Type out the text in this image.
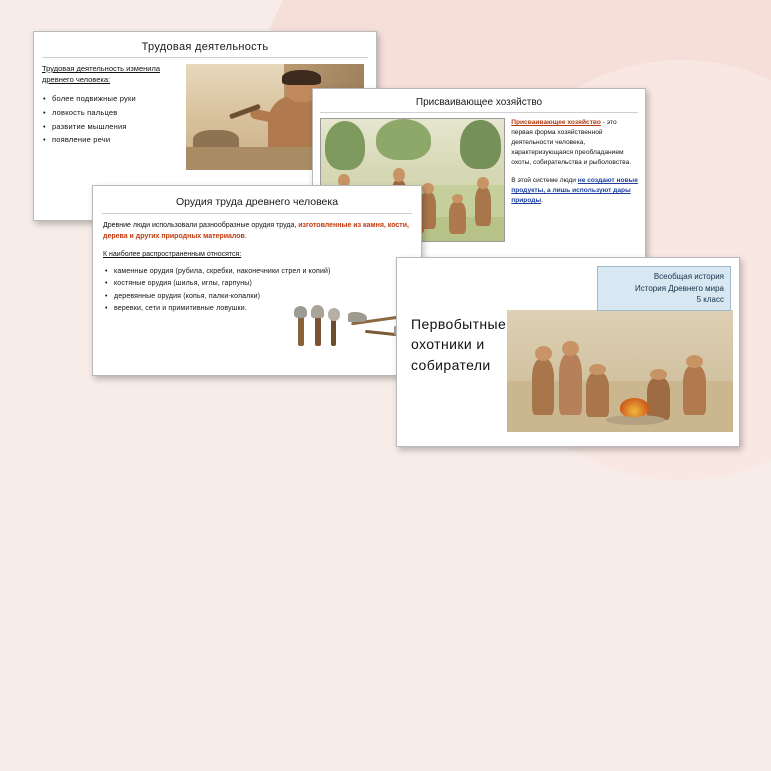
Трудовая деятельность
Трудовая деятельность изменила древнего человека:
• более подвижные руки
• ловкость пальцев
• развитие мышления
• появление речи
Присваивающее хозяйство

Присваивающее хозяйство - это первая форма хозяйственной деятельности человека, характеризующаяся преобладанием охоты, собирательства и рыболовства.

В этой системе люди не создают новые продукты, а лишь используют дары природы.

Орудия труда древнего человека

Древние люди использовали разнообразные орудия труда, изготовленные из камня, кости, дерева и других природных материалов.

К наиболее распространенным относятся:
• каменные орудия (рубила, скребки, наконечники стрел и копий)
• костяные орудия (шилья, иглы, гарпуны)
• деревянные орудия (копья, палки-копалки)
• веревки, сети и примитивные ловушки.
Всеобщая история
История Древнего мира
5 класс
Первобытные
охотники и
собиратели
